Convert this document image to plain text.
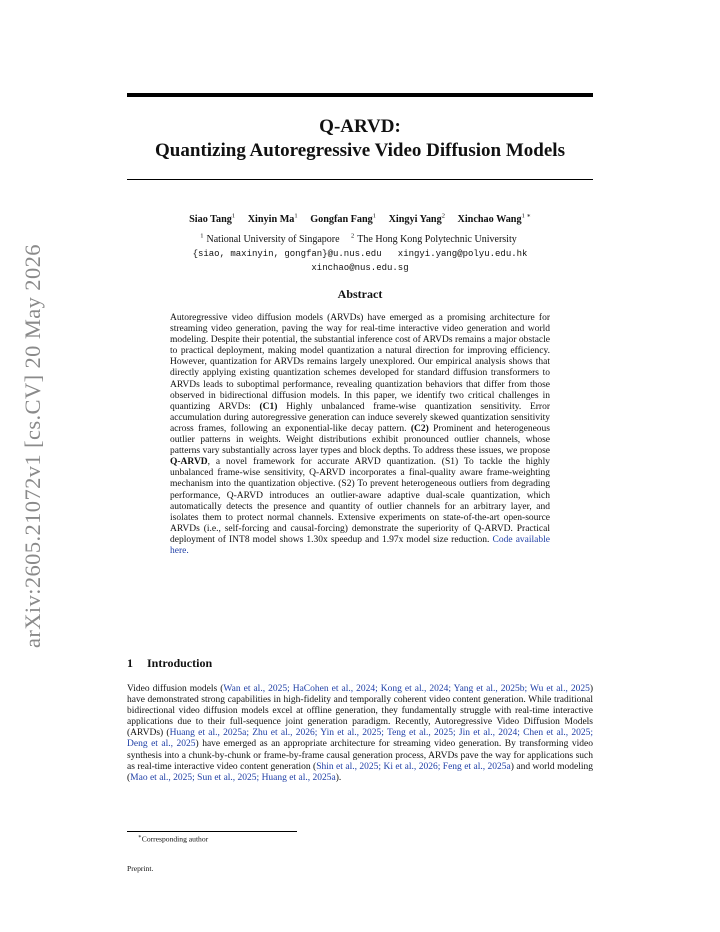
arXiv:2605.21072v1 [cs.CV] 20 May 2026
Q-ARVD:
Quantizing Autoregressive Video Diffusion Models
Siao Tang$^1$ Xinyin Ma$^1$ Gongfan Fang$^1$ Xingyi Yang$^2$ Xinchao Wang$^{1 ∗}$
$^1$ National University of Singapore $^2$ The Hong Kong Polytechnic University
{siao, maxinyin, gongfan}@u.nus.edu   xingyi.yang@polyu.edu.hk
xinchao@nus.edu.sg
Abstract
Autoregressive video diffusion models (ARVDs) have emerged as a promising architecture for streaming video generation, paving the way for real-time interactive video generation and world modeling. Despite their potential, the substantial inference cost of ARVDs remains a major obstacle to practical deployment, making model quantization a natural direction for improving efficiency. However, quantization for ARVDs remains largely unexplored. Our empirical analysis shows that directly applying existing quantization schemes developed for standard diffusion transformers to ARVDs leads to suboptimal performance, revealing quantization behaviors that differ from those observed in bidirectional diffusion models. In this paper, we identify two critical challenges in quantizing ARVDs: (C1) Highly unbalanced frame-wise quantization sensitivity. Error accumulation during autoregressive generation can induce severely skewed quantization sensitivity across frames, following an exponential-like decay pattern. (C2) Prominent and heterogeneous outlier patterns in weights. Weight distributions exhibit pronounced outlier channels, whose patterns vary substantially across layer types and block depths. To address these issues, we propose Q-ARVD, a novel framework for accurate ARVD quantization. (S1) To tackle the highly unbalanced frame-wise sensitivity, Q-ARVD incorporates a final-quality aware frame-weighting mechanism into the quantization objective. (S2) To prevent heterogeneous outliers from degrading performance, Q-ARVD introduces an outlier-aware adaptive dual-scale quantization, which automatically detects the presence and quantity of outlier channels for an arbitrary layer, and isolates them to protect normal channels. Extensive experiments on state-of-the-art open-source ARVDs (i.e., self-forcing and causal-forcing) demonstrate the superiority of Q-ARVD. Practical deployment of INT8 model shows 1.30x speedup and 1.97x model size reduction. Code available here.
1 Introduction
Video diffusion models (Wan et al., 2025; HaCohen et al., 2024; Kong et al., 2024; Yang et al., 2025b; Wu et al., 2025) have demonstrated strong capabilities in high-fidelity and temporally coherent video content generation. While traditional bidirectional video diffusion models excel at offline generation, they fundamentally struggle with real-time interactive applications due to their full-sequence joint generation paradigm. Recently, Autoregressive Video Diffusion Models (ARVDs) (Huang et al., 2025a; Zhu et al., 2026; Yin et al., 2025; Teng et al., 2025; Jin et al., 2024; Chen et al., 2025; Deng et al., 2025) have emerged as an appropriate architecture for streaming video generation. By transforming video synthesis into a chunk-by-chunk or frame-by-frame causal generation process, ARVDs pave the way for applications such as real-time interactive video content generation (Shin et al., 2025; Ki et al., 2026; Feng et al., 2025a) and world modeling (Mao et al., 2025; Sun et al., 2025; Huang et al., 2025a).
∗Corresponding author
Preprint.
